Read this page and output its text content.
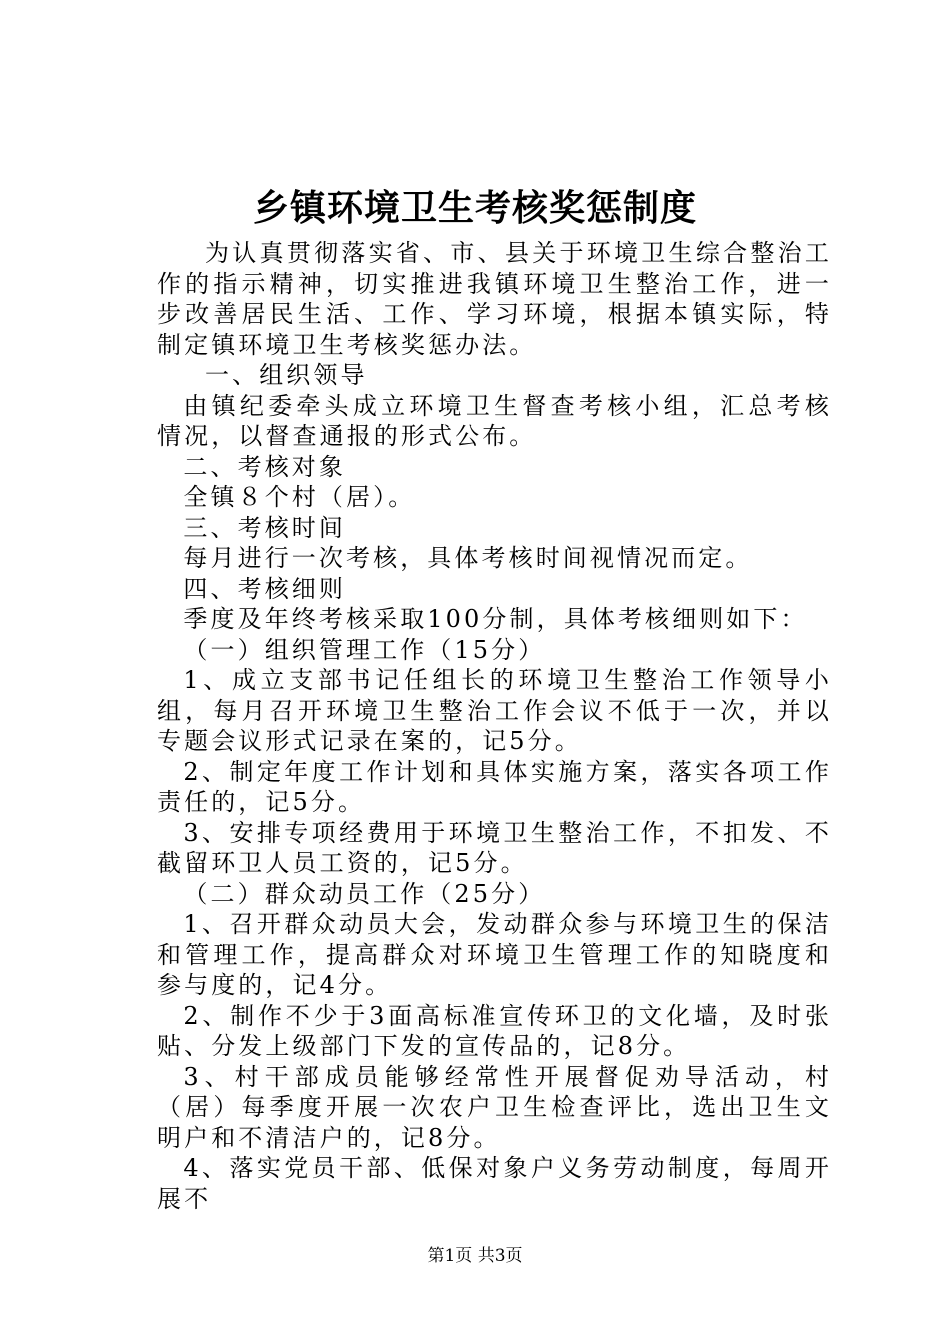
乡镇环境卫生考核奖惩制度

为认真贯彻落实省、市、县关于环境卫生综合整治工作的指示精神，切实推进我镇环境卫生整治工作，进一步改善居民生活、工作、学习环境，根据本镇实际，特制定镇环境卫生考核奖惩办法。

一、组织领导

由镇纪委牵头成立环境卫生督查考核小组，汇总考核情况，以督查通报的形式公布。

二、考核对象

全镇８个村（居）。

三、考核时间

每月进行一次考核，具体考核时间视情况而定。

四、考核细则

季度及年终考核采取100分制，具体考核细则如下：

（一）组织管理工作（15分）

1、成立支部书记任组长的环境卫生整治工作领导小组，每月召开环境卫生整治工作会议不低于一次，并以专题会议形式记录在案的，记5分。

2、制定年度工作计划和具体实施方案，落实各项工作责任的，记5分。

3、安排专项经费用于环境卫生整治工作，不扣发、不截留环卫人员工资的，记5分。

（二）群众动员工作（25分）

1、召开群众动员大会，发动群众参与环境卫生的保洁和管理工作，提高群众对环境卫生管理工作的知晓度和参与度的，记4分。

2、制作不少于3面高标准宣传环卫的文化墙，及时张贴、分发上级部门下发的宣传品的，记8分。

3、村干部成员能够经常性开展督促劝导活动，村（居）每季度开展一次农户卫生检查评比，选出卫生文明户和不清洁户的，记8分。

4、落实党员干部、低保对象户义务劳动制度，每周开展不

第1页 共3页
